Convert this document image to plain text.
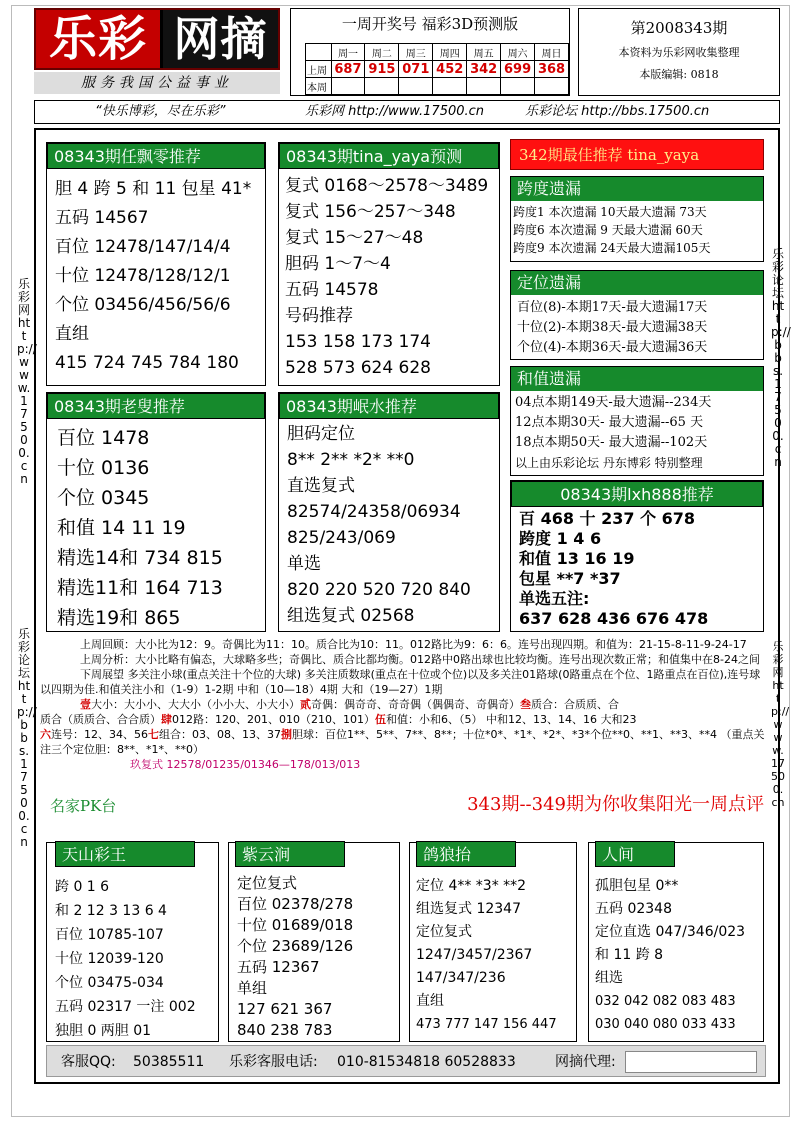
乐彩 网摘
服务我国公益事业
一周开奖号 福彩3D预测版
	周一	周二	周三	周四	周五	周六	周日
上周	687	915	071	452	342	699	368
本周							
第2008343期
本资料为乐彩网收集整理
本版编辑: 0818
“快乐博彩，尽在乐彩”	乐彩网 http://www.17500.cn	乐彩论坛 http://bbs.17500.cn
乐彩网 http://www.17500.cn
乐彩论坛 http://bbs.17500.cn
乐彩论坛 http://bbs.17500.cn
乐彩网 http://www.17500.cn
08343期任飘零推荐
胆 4 跨 5 和 11 包星 41*
五码 14567
百位 12478/147/14/4
十位 12478/128/12/1
个位 03456/456/56/6
直组
415 724 745 784 180
08343期tina_yaya预测
复式 0168～2578～3489
复式 156～257～348
复式 15～27～48
胆码 1～7～4
五码 14578
号码推荐
153 158 173 174
528 573 624 628
08343期老叟推荐
百位 1478
十位 0136
个位 0345
和值 14 11 19
精选14和 734 815
精选11和 164 713
精选19和 865
08343期岷水推荐
胆码定位
8** 2** *2* **0
直选复式
82574/24358/06934
825/243/069
单选
820 220 520 720 840
组选复式 02568
342期最佳推荐 tina_yaya
跨度遗漏
跨度1 本次遗漏 10天最大遗漏 73天
跨度6 本次遗漏 9 天最大遗漏 60天
跨度9 本次遗漏 24天最大遗漏105天
定位遗漏
百位(8)-本期17天-最大遗漏17天
十位(2)-本期38天-最大遗漏38天
个位(4)-本期36天-最大遗漏36天
和值遗漏
04点本期149天-最大遗漏--234天
12点本期30天- 最大遗漏--65 天
18点本期50天- 最大遗漏--102天
以上由乐彩论坛 丹东博彩 特别整理
08343期lxh888推荐
百 468 十 237 个 678
跨度 1 4 6
和值 13 16 19
包星 **7 *37
单选五注:
637 628 436 676 478

上周回顾：大小比为12：9。奇偶比为11：10。质合比为10：11。012路比为9：6：6。连号出现四期。和值为：21-15-8-11-9-24-17

上周分析：大小比略有偏态，大球略多些；奇偶比、质合比都均衡。012路中0路出球也比较均衡。连号出现次数正常；和值集中在8-24之间

下周展望 多关注小球(重点关注十个位的大球) 多关注质数球(重点在十位或个位)以及多关注01路球(0路重点在个位、1路重点在百位),连号球以四期为佳.和值关注小和（1-9）1-2期 中和（10—18）4期 大和（19—27）1期

壹大小：大小小、大大小（小小大、小大小）贰奇偶：偶奇奇、奇奇偶（偶偶奇、奇偶奇）叁质合：合质质、合

质合（质质合、合合质）肆012路：120、201、010（210、101）伍和值：小和6、（5） 中和12、13、14、16 大和23

六连号：12、34、56七组合：03、08、13、37捌胆球：百位1**、5**、7**、8**；十位*0*、*1*、*2*、*3*个位**0、**1、**3、**4 （重点关注三个定位胆：8**、*1*、**0）

玖复式 12578/01235/01346—178/013/013

名家PK台	343期--349期为你收集阳光一周点评
天山彩王
跨 0 1 6
和 2 12 3 13 6 4
百位 10785-107
十位 12039-120
个位 03475-034
五码 02317 一注 002
独胆 0 两胆 01
紫云涧
定位复式
百位 02378/278
十位 01689/018
个位 23689/126
五码 12367
单组
127 621 367
840 238 783
鸽狼抬
定位 4** *3* **2
组选复式 12347
定位复式
1247/3457/2367
147/347/236
直组
473 777 147 156 447
人间
孤胆包星 0**
五码 02348
定位直选 047/346/023
和 11 跨 8
组选
032 042 082 083 483
030 040 080 033 433
客服QQ: 50385511 乐彩客服电话: 010-81534818 60528833	网摘代理:
